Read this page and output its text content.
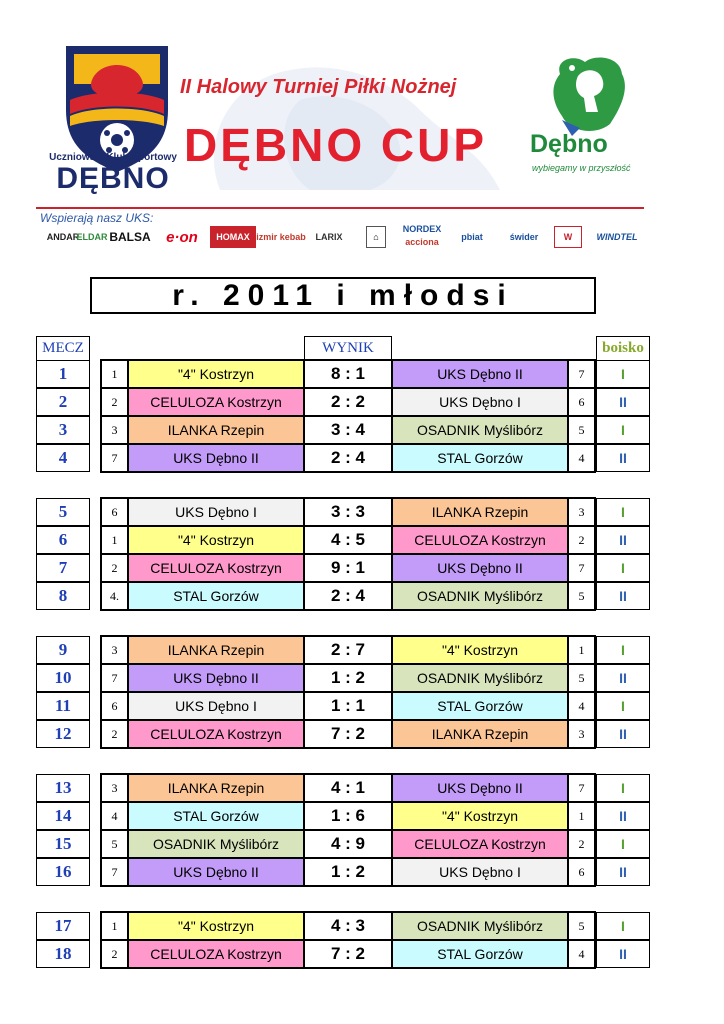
Uczniowski Klub Sportowy
DĘBNO
II Halowy Turniej Piłki Nożnej
DĘBNO CUP Dębno
wybiegamy w przyszłość
Wspierają nasz UKS:
ANDAR
ELDAR BALSA e·on HOMAX izmir kebab LARIX	⌂
NORDEX
acciona pbiat	świder	W	WINDTEL
r. 2011 i młodsi
MECZ	WYNIK	boisko
1	1	"4" Kostrzyn	8 : 1	UKS Dębno II	7	I
2	2	CELULOZA Kostrzyn	2 : 2	UKS Dębno I	6	II
3	3	ILANKA Rzepin	3 : 4	OSADNIK Myślibórz	5	I
4	7	UKS Dębno II	2 : 4	STAL Gorzów	4	II
5	6	UKS Dębno I	3 : 3	ILANKA Rzepin	3	I
6	1	"4" Kostrzyn	4 : 5	CELULOZA Kostrzyn	2	II
7	2	CELULOZA Kostrzyn	9 : 1	UKS Dębno II	7	I
8	4.	STAL Gorzów	2 : 4	OSADNIK Myślibórz	5	II
9	3	ILANKA Rzepin	2 : 7	"4" Kostrzyn	1	I
10	7	UKS Dębno II	1 : 2	OSADNIK Myślibórz	5	II
11	6	UKS Dębno I	1 : 1	STAL Gorzów	4	I
12	2	CELULOZA Kostrzyn	7 : 2	ILANKA Rzepin	3	II
13	3	ILANKA Rzepin	4 : 1	UKS Dębno II	7	I
14	4	STAL Gorzów	1 : 6	"4" Kostrzyn	1	II
15	5	OSADNIK Myślibórz	4 : 9	CELULOZA Kostrzyn	2	I
16	7	UKS Dębno II	1 : 2	UKS Dębno I	6	II
17	1	"4" Kostrzyn	4 : 3	OSADNIK Myślibórz	5	I
18	2	CELULOZA Kostrzyn	7 : 2	STAL Gorzów	4	II
